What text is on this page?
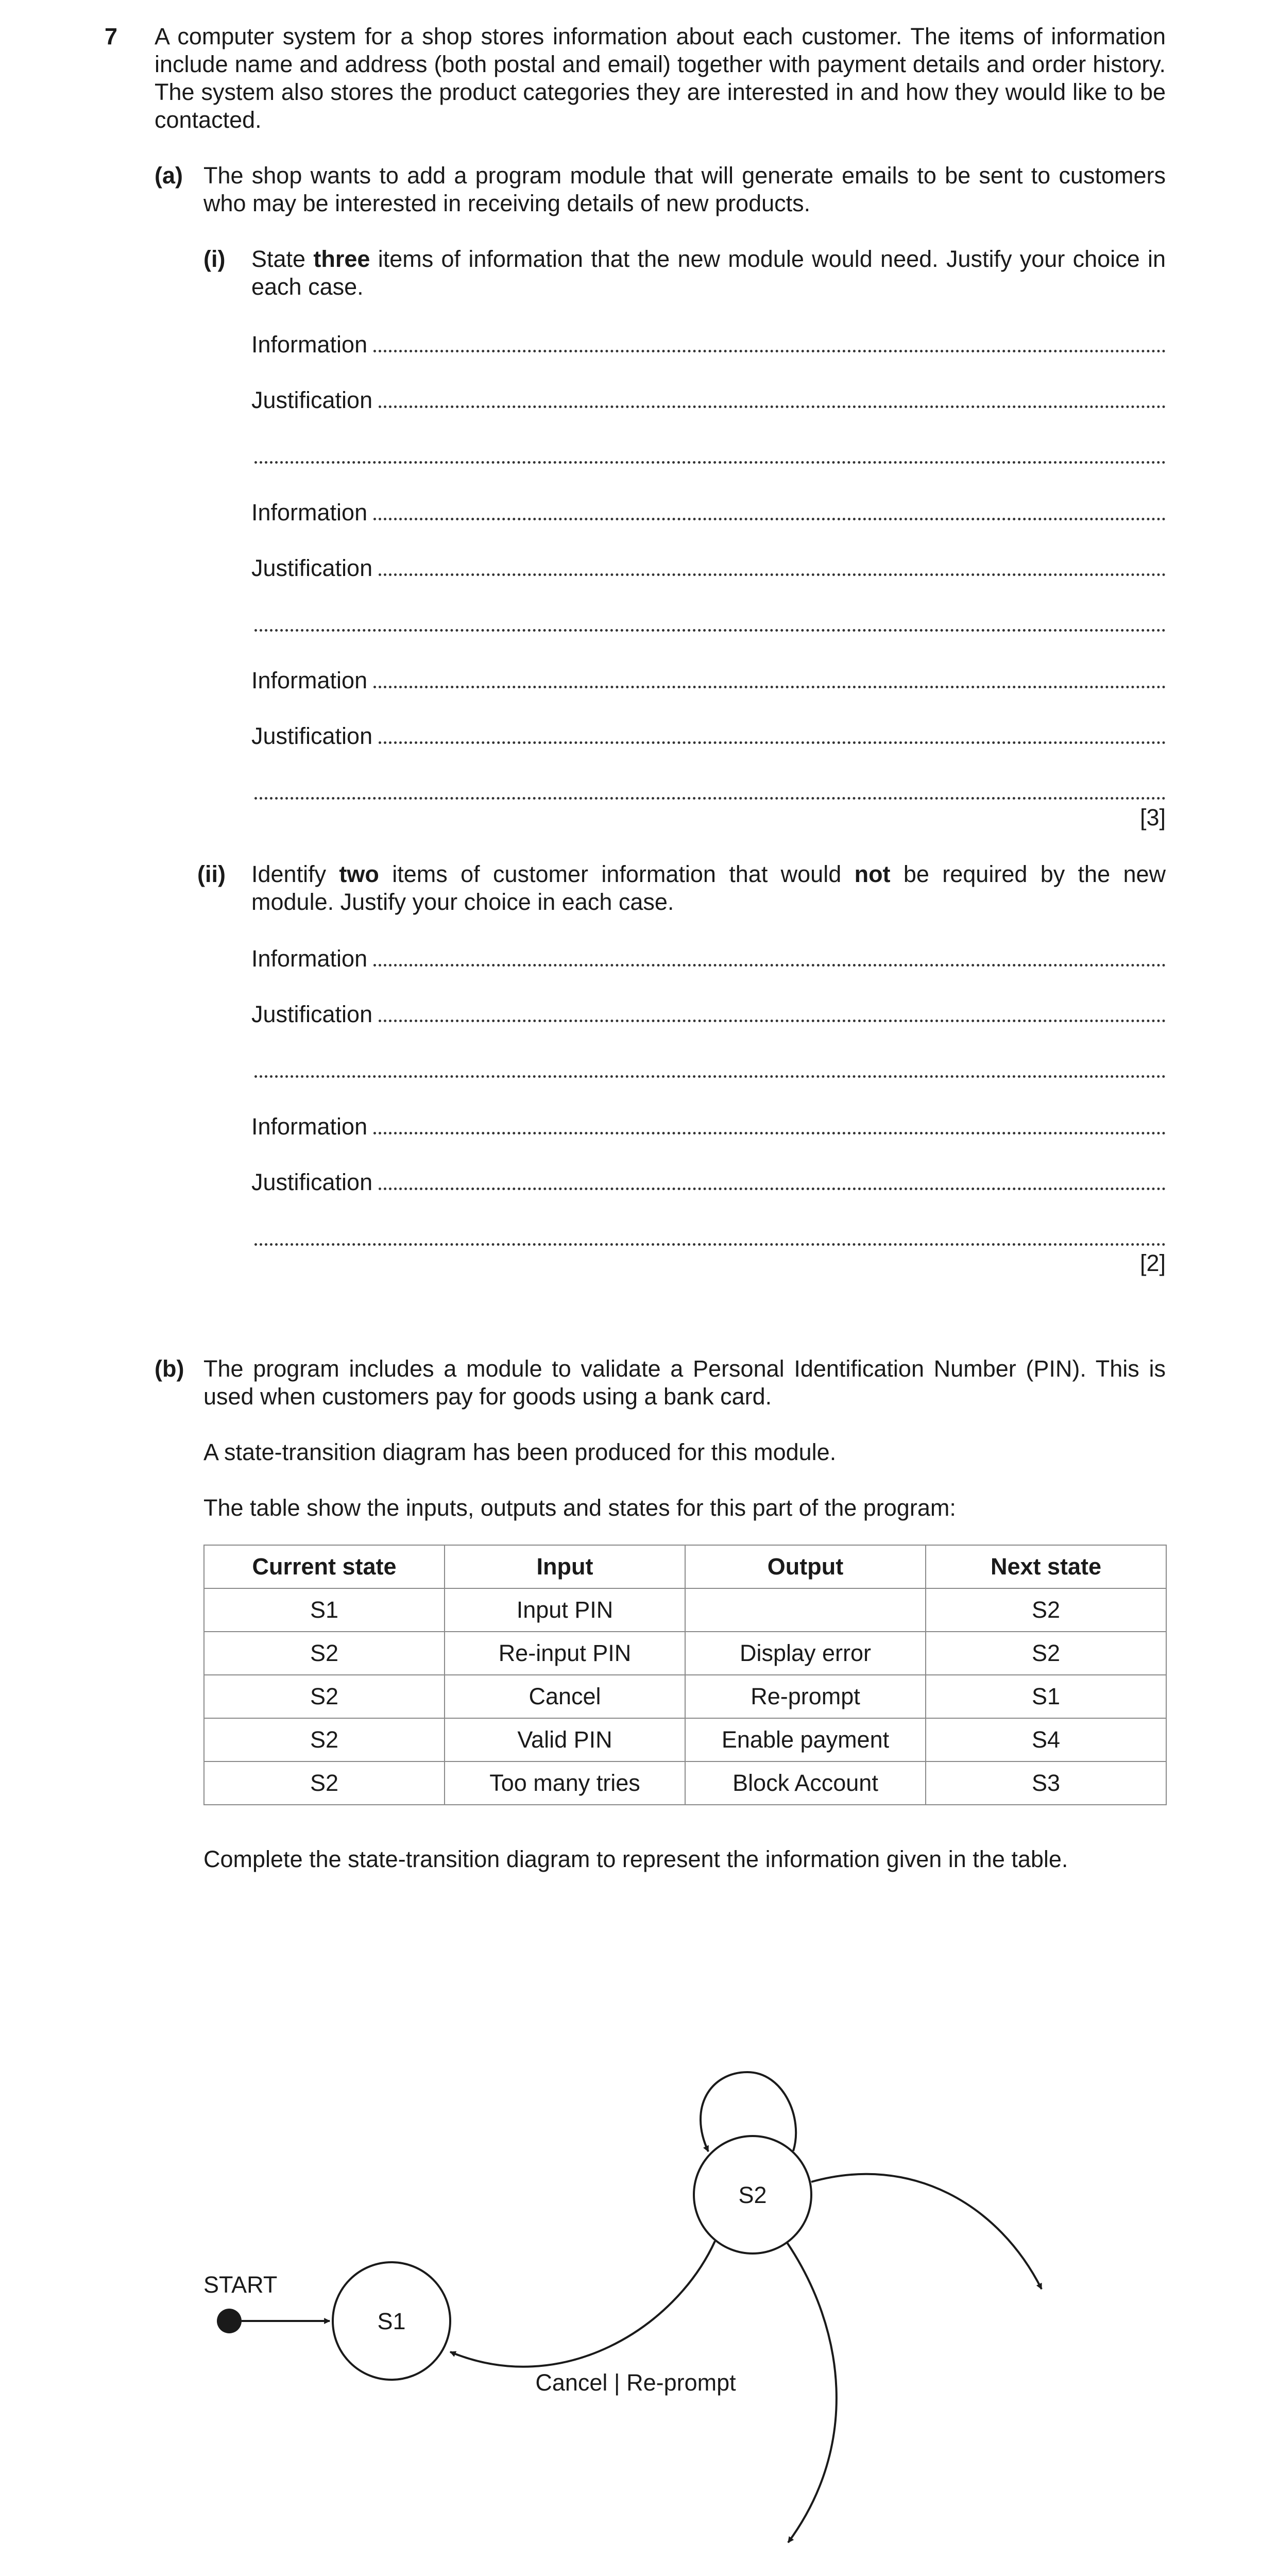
7 A computer system for a shop stores information about each customer. The items of information include name and address (both postal and email) together with payment details and order history. The system also stores the product categories they are interested in and how they would like to be contacted.

(a) The shop wants to add a program module that will generate emails to be sent to customers who may be interested in receiving details of new products.

(i) State three items of information that the new module would need. Justify your choice in each case.

Information
Justification
Information
Justification
Information
Justification
[3]
(ii) Identify two items of customer information that would not be required by the new module. Justify your choice in each case.

Information
Justification
Information
Justification
[2]
(b) The program includes a module to validate a Personal Identification Number (PIN). This is used when customers pay for goods using a bank card.

A state-transition diagram has been produced for this module.

The table show the inputs, outputs and states for this part of the program:

Current state	Input	Output	Next state
S1	Input PIN		S2
S2	Re-input PIN	Display error	S2
S2	Cancel	Re-prompt	S1
S2	Valid PIN	Enable payment	S4
S2	Too many tries	Block Account	S3

Complete the state-transition diagram to represent the information given in the table.

START
S1
S2
Cancel | Re-prompt
